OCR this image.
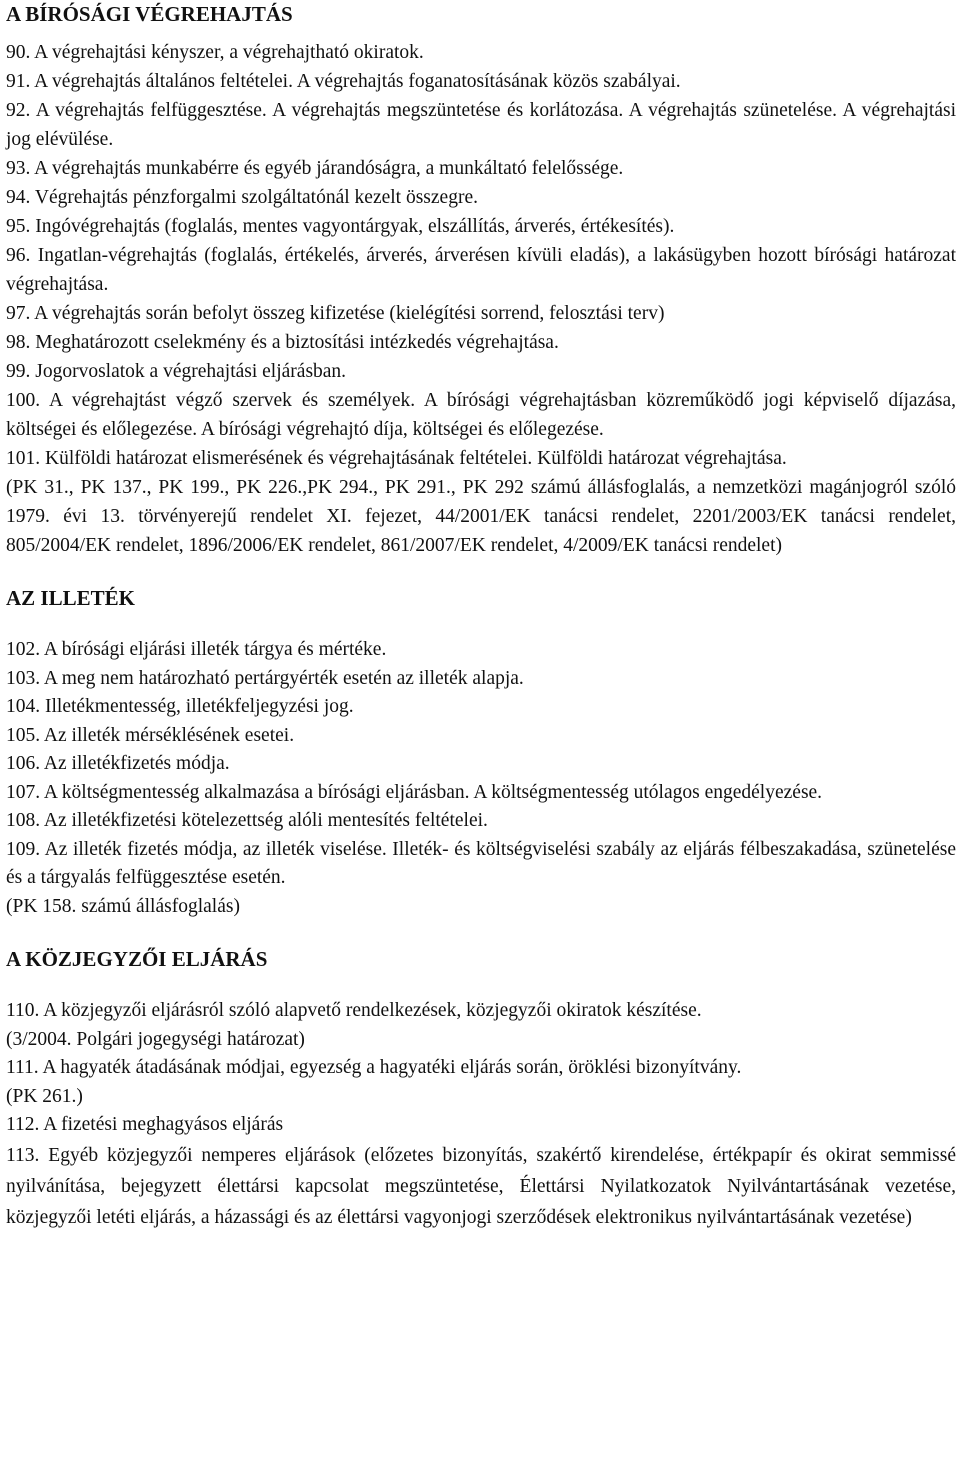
A BÍRÓSÁGI VÉGREHAJTÁS
90. A végrehajtási kényszer, a végrehajtható okiratok.
91. A végrehajtás általános feltételei. A végrehajtás foganatosításának közös szabályai.
92. A végrehajtás felfüggesztése. A végrehajtás megszüntetése és korlátozása. A végrehajtás szünetelése. A végrehajtási jog elévülése.
93. A végrehajtás munkabérre és egyéb járandóságra, a munkáltató felelőssége.
94. Végrehajtás pénzforgalmi szolgáltatónál kezelt összegre.
95. Ingóvégrehajtás (foglalás, mentes vagyontárgyak, elszállítás, árverés, értékesítés).
96. Ingatlan-végrehajtás (foglalás, értékelés, árverés, árverésen kívüli eladás), a lakásügyben hozott bírósági határozat végrehajtása.
97. A végrehajtás során befolyt összeg kifizetése (kielégítési sorrend, felosztási terv)
98. Meghatározott cselekmény és a biztosítási intézkedés végrehajtása.
99. Jogorvoslatok a végrehajtási eljárásban.
100. A végrehajtást végző szervek és személyek. A bírósági végrehajtásban közreműködő jogi képviselő díjazása, költségei és előlegezése. A bírósági végrehajtó díja, költségei és előlegezése.
101. Külföldi határozat elismerésének és végrehajtásának feltételei. Külföldi határozat végrehajtása.
(PK 31., PK 137., PK 199., PK 226.,PK 294., PK 291., PK 292 számú állásfoglalás, a nemzetközi magánjogról szóló 1979. évi 13. törvényerejű rendelet XI. fejezet, 44/2001/EK tanácsi rendelet, 2201/2003/EK tanácsi rendelet, 805/2004/EK rendelet, 1896/2006/EK rendelet, 861/2007/EK rendelet, 4/2009/EK tanácsi rendelet)
AZ ILLETÉK
102. A bírósági eljárási illeték tárgya és mértéke.
103. A meg nem határozható pertárgyérték esetén az illeték alapja.
104. Illetékmentesség, illetékfeljegyzési jog.
105. Az illeték mérséklésének esetei.
106. Az illetékfizetés módja.
107. A költségmentesség alkalmazása a bírósági eljárásban. A költségmentesség utólagos engedélyezése.
108. Az illetékfizetési kötelezettség alóli mentesítés feltételei.
109. Az illeték fizetés módja, az illeték viselése. Illeték- és költségviselési szabály az eljárás félbeszakadása, szünetelése és a tárgyalás felfüggesztése esetén.
(PK 158. számú állásfoglalás)
A KÖZJEGYZŐI ELJÁRÁS
110. A közjegyzői eljárásról szóló alapvető rendelkezések, közjegyzői okiratok készítése.
(3/2004. Polgári jogegységi határozat)
111. A hagyaték átadásának módjai, egyezség a hagyatéki eljárás során, öröklési bizonyítvány.
(PK 261.)
112. A fizetési meghagyásos eljárás
113. Egyéb közjegyzői nemperes eljárások (előzetes bizonyítás, szakértő kirendelése, értékpapír és okirat semmissé nyilvánítása, bejegyzett élettársi kapcsolat megszüntetése, Élettársi Nyilatkozatok Nyilvántartásának vezetése, közjegyzői letéti eljárás, a házassági és az élettársi vagyonjogi szerződések elektronikus nyilvántartásának vezetése)
